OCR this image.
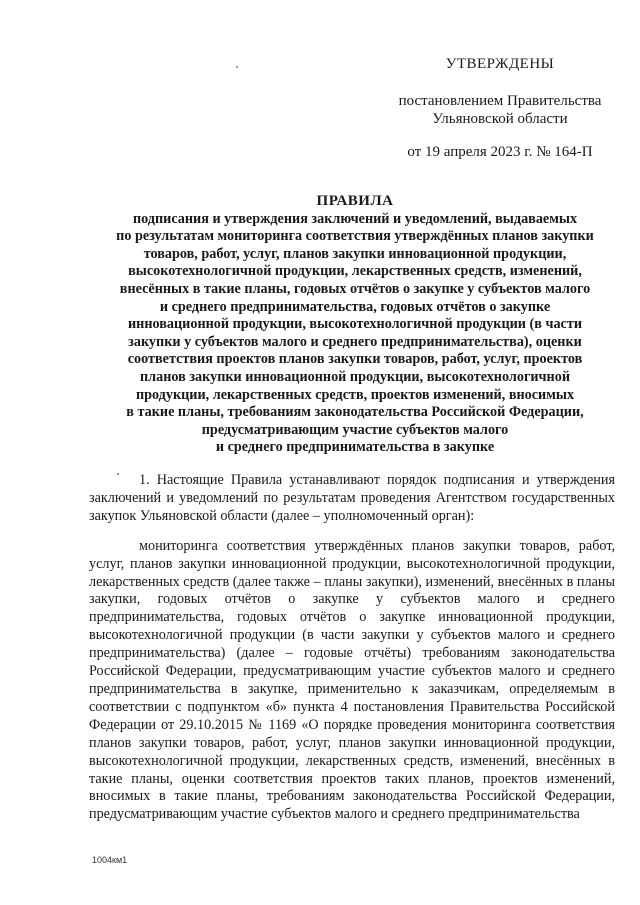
УТВЕРЖДЕНЫ
постановлением Правительства
Ульяновской области
от 19 апреля 2023 г. № 164-П
ПРАВИЛА
подписания и утверждения заключений и уведомлений, выдаваемых
по результатам мониторинга соответствия утверждённых планов закупки
товаров, работ, услуг, планов закупки инновационной продукции,
высокотехнологичной продукции, лекарственных средств, изменений,
внесённых в такие планы, годовых отчётов о закупке у субъектов малого
и среднего предпринимательства, годовых отчётов о закупке
инновационной продукции, высокотехнологичной продукции (в части
закупки у субъектов малого и среднего предпринимательства), оценки
соответствия проектов планов закупки товаров, работ, услуг, проектов
планов закупки инновационной продукции, высокотехнологичной
продукции, лекарственных средств, проектов изменений, вносимых
в такие планы, требованиям законодательства Российской Федерации,
предусматривающим участие субъектов малого
и среднего предпринимательства в закупке

1. Настоящие Правила устанавливают порядок подписания и утверждения заключений и уведомлений по результатам проведения Агентством государственных закупок Ульяновской области (далее – уполномоченный орган):

мониторинга соответствия утверждённых планов закупки товаров, работ, услуг, планов закупки инновационной продукции, высокотехнологичной продукции, лекарственных средств (далее также – планы закупки), изменений, внесённых в планы закупки, годовых отчётов о закупке у субъектов малого и среднего предпринимательства, годовых отчётов о закупке инновационной продукции, высокотехнологичной продукции (в части закупки у субъектов малого и среднего предпринимательства) (далее – годовые отчёты) требованиям законодательства Российской Федерации, предусматривающим участие субъектов малого и среднего предпринимательства в закупке, применительно к заказчикам, определяемым в соответствии с подпунктом «б» пункта 4 постановления Правительства Российской Федерации от 29.10.2015 № 1169 «О порядке проведения мониторинга соответствия планов закупки товаров, работ, услуг, планов закупки инновационной продукции, высокотехнологичной продукции, лекарственных средств, изменений, внесённых в такие планы, оценки соответствия проектов таких планов, проектов изменений, вносимых в такие планы, требованиям законодательства Российской Федерации, предусматривающим участие субъектов малого и среднего предпринимательства

1004км1
